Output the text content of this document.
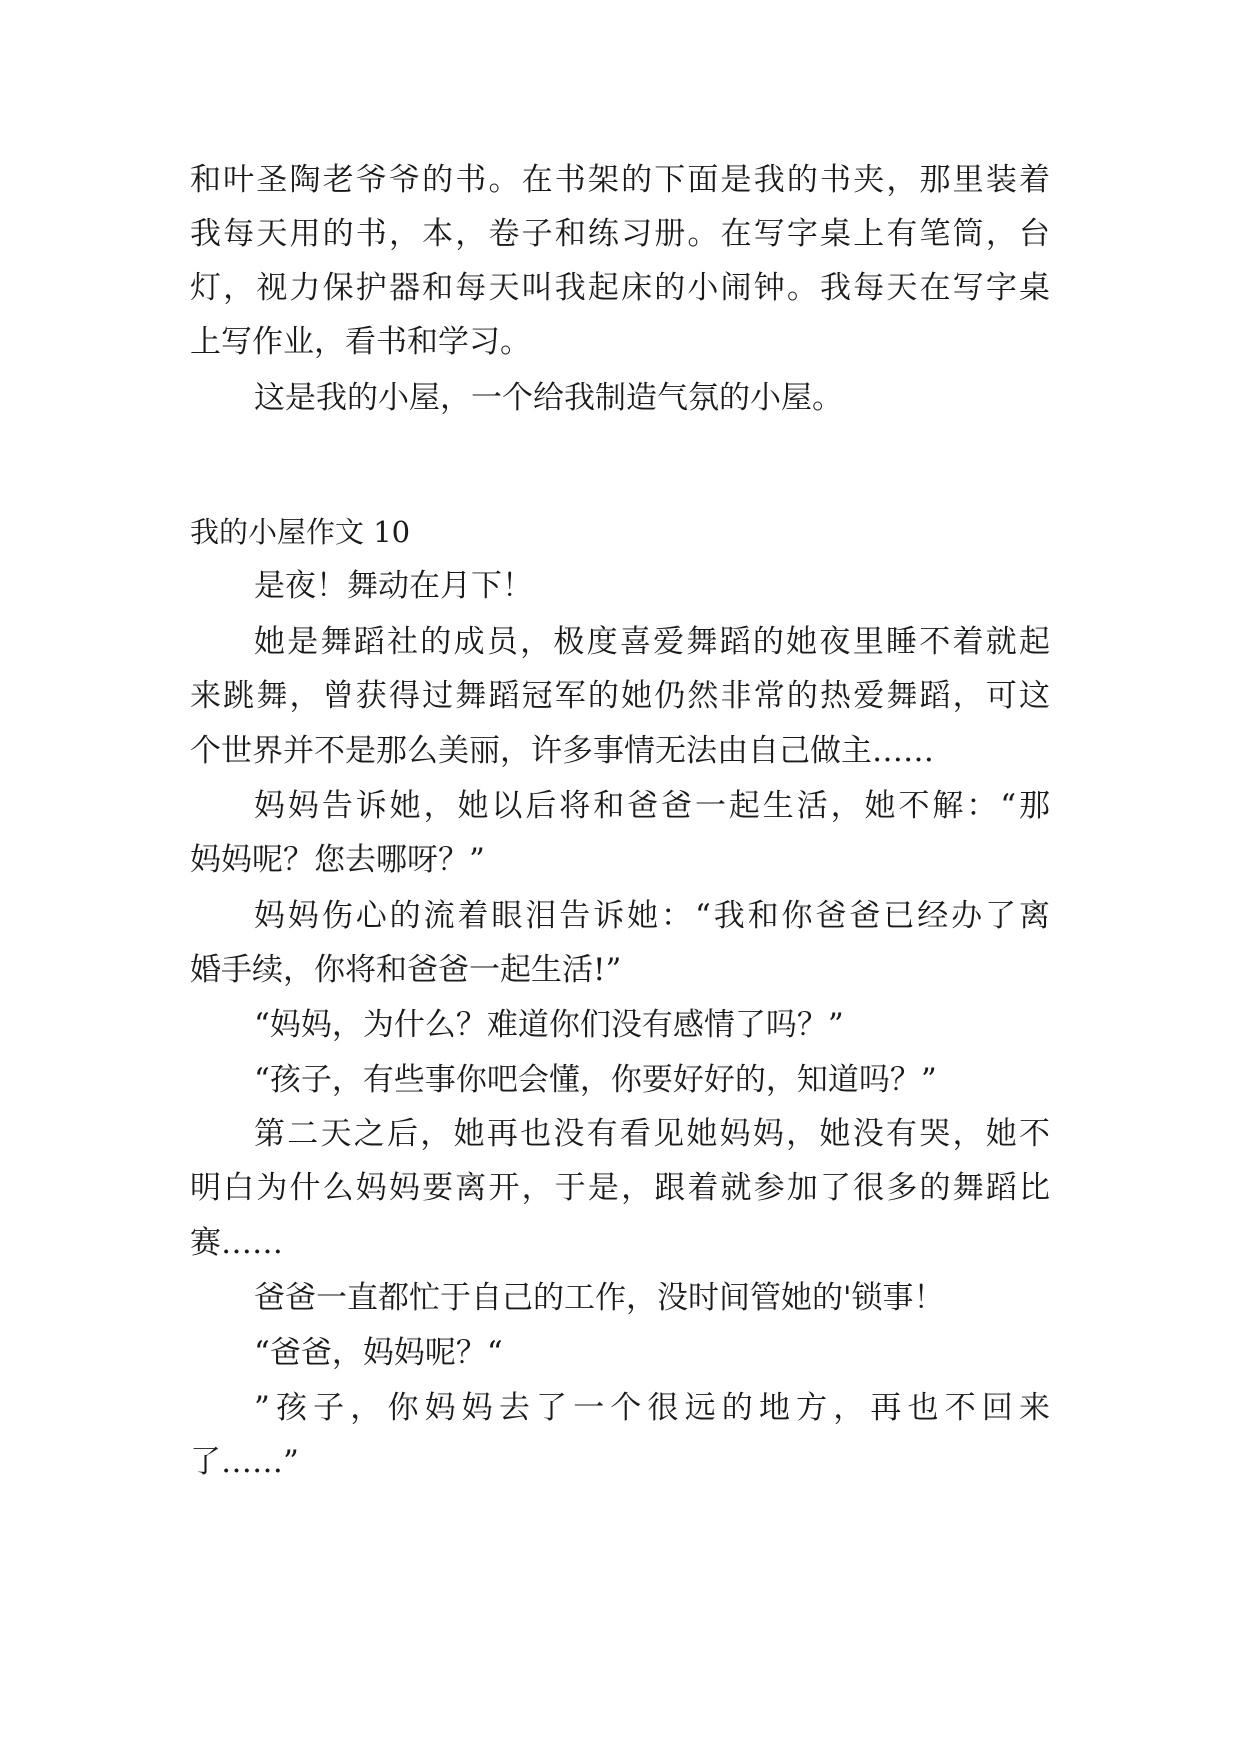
和叶圣陶老爷爷的书。在书架的下面是我的书夹，那里装着
我每天用的书，本，卷子和练习册。在写字桌上有笔筒，台
灯，视力保护器和每天叫我起床的小闹钟。我每天在写字桌
上写作业，看书和学习。
这是我的小屋，一个给我制造气氛的小屋。
我的小屋作文 10
是夜！舞动在月下！
她是舞蹈社的成员，极度喜爱舞蹈的她夜里睡不着就起
来跳舞，曾获得过舞蹈冠军的她仍然非常的热爱舞蹈，可这
个世界并不是那么美丽，许多事情无法由自己做主……
妈妈告诉她，她以后将和爸爸一起生活，她不解：“那
妈妈呢？您去哪呀？”
妈妈伤心的流着眼泪告诉她：“我和你爸爸已经办了离
婚手续，你将和爸爸一起生活!”
“妈妈，为什么？难道你们没有感情了吗？”
“孩子，有些事你吧会懂，你要好好的，知道吗？”
第二天之后，她再也没有看见她妈妈，她没有哭，她不
明白为什么妈妈要离开，于是，跟着就参加了很多的舞蹈比
赛……
爸爸一直都忙于自己的工作，没时间管她的'锁事！
“爸爸，妈妈呢？“
”孩子，你妈妈去了一个很远的地方，再也不回来
了……”
